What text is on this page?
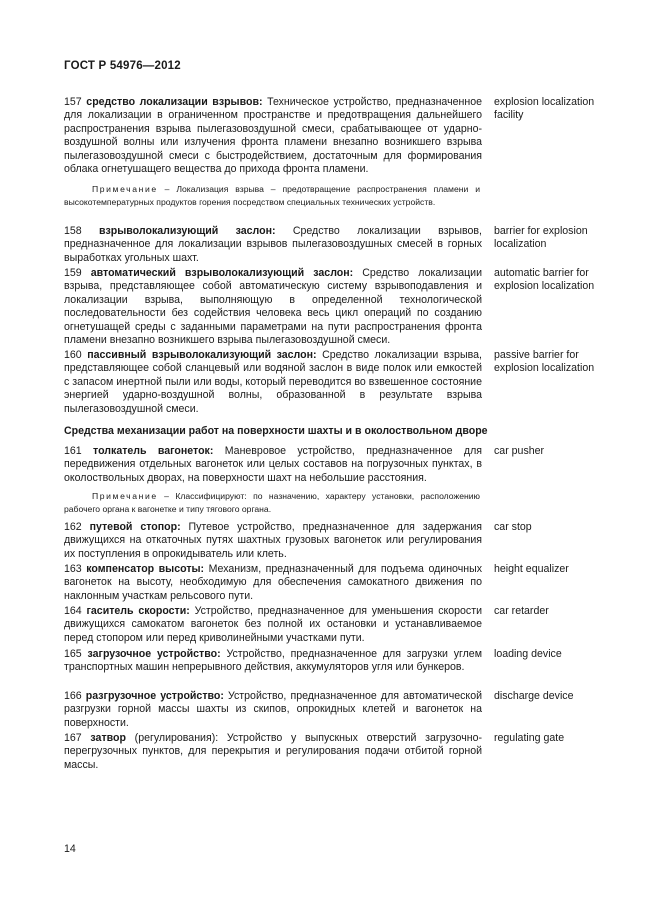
ГОСТ Р 54976—2012
157 средство локализации взрывов: Техническое устройство, предназначенное для локализации в ограниченном пространстве и предотвращения дальнейшего распространения взрыва пылегазовоздушной смеси, срабатывающее от ударно-воздушной волны или излучения фронта пламени внезапно возникшего взрыва пылегазовоздушной смеси с быстродействием, достаточным для формирования облака огнетушащего вещества до прихода фронта пламени.
explosion localization facility
Примечание – Локализация взрыва – предотвращение распространения пламени и высокотемпературных продуктов горения посредством специальных технических устройств.
158 взрыволокализующий заслон: Средство локализации взрывов, предназначенное для локализации взрывов пылегазовоздушных смесей в горных выработках угольных шахт.
barrier for explosion localization
159 автоматический взрыволокализующий заслон: Средство локализации взрыва, представляющее собой автоматическую систему взрывоподавления и локализации взрыва, выполняющую в определенной технологической последовательности без содействия человека весь цикл операций по созданию огнетушащей среды с заданными параметрами на пути распространения фронта пламени внезапно возникшего взрыва пылегазовоздушной смеси.
automatic barrier for explosion localization
160 пассивный взрыволокализующий заслон: Средство локализации взрыва, представляющее собой сланцевый или водяной заслон в виде полок или емкостей с запасом инертной пыли или воды, который переводится во взвешенное состояние энергией ударно-воздушной волны, образованной в результате взрыва пылегазовоздушной смеси.
passive barrier for explosion localization
Средства механизации работ на поверхности шахты и в околоствольном дворе
161 толкатель вагонеток: Маневровое устройство, предназначенное для передвижения отдельных вагонеток или целых составов на погрузочных пунктах, в околоствольных дворах, на поверхности шахт на небольшие расстояния.
car pusher
Примечание – Классифицируют: по назначению, характеру установки, расположению рабочего органа к вагонетке и типу тягового органа.
162 путевой стопор: Путевое устройство, предназначенное для задержания движущихся на откаточных путях шахтных грузовых вагонеток или регулирования их поступления в опрокидыватель или клеть.
car stop
163 компенсатор высоты: Механизм, предназначенный для подъема одиночных вагонеток на высоту, необходимую для обеспечения самокатного движения по наклонным участкам рельсового пути.
height equalizer
164 гаситель скорости: Устройство, предназначенное для уменьшения скорости движущихся самокатом вагонеток без полной их остановки и устанавливаемое перед стопором или перед криволинейными участками пути.
car retarder
165 загрузочное устройство: Устройство, предназначенное для загрузки углем транспортных машин непрерывного действия, аккумуляторов угля или бункеров.
loading device
166 разгрузочное устройство: Устройство, предназначенное для автоматической разгрузки горной массы шахты из скипов, опрокидных клетей и вагонеток на поверхности.
discharge device
167 затвор (регулирования): Устройство у выпускных отверстий загрузочно-перегрузочных пунктов, для перекрытия и регулирования подачи отбитой горной массы.
regulating gate
14
